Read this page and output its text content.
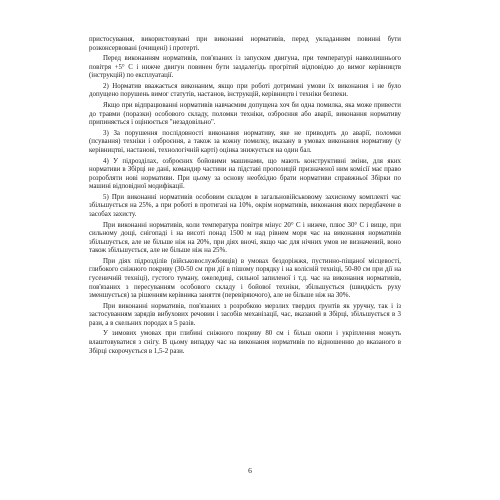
пристосування, використовувані при виконанні нормативів, перед укладанням повинні бути розконсервовані (очищені) і протерті.

Перед виконанням нормативів, пов'язаних із запуском двигуна, при температурі навколишнього повітря +5° С і нижче двигун повинен бути заздалегідь прогрітий відповідно до вимог керівництв (інструкцій) по експлуатації.

2) Норматив вважається виконаним, якщо при роботі дотримані умови їх виконання і не було допущено порушень вимог статутів, настанов, інструкцій, керівництв і техніки безпеки.

Якщо при відпрацюванні нормативів навчаємим допущена хоч би одна помилка, яка може привести до травми (поразки) особового складу, поломки техніки, озброєння або аварії, виконання нормативу припиняється і оцінюється "незадовільно".

3) За порушення послідовності виконання нормативу, яке не приводить до аварії, поломки (псування) техніки і озброєння, а також за кожну помилку, вказану в умовах виконання нормативу (у керівництві, настанові, технологічній карті) оцінка знижується на один бал.

4) У підрозділах, озброєних бойовими машинами, що мають конструктивні зміни, для яких нормативи в Збірці не дані, командир частини на підставі пропозицій призначеної ним комісії має право розробляти нові нормативи. При цьому за основу необхідно брати нормативи справжньої Збірки по машині відповідної модифікації.

5) При виконанні нормативів особовим складом в загальновійськовому захисному комплекті час збільшується на 25%, а при роботі в протигазі на 10%, окрім нормативів, виконання яких передбачене в засобах захисту.

При виконанні нормативів, коли температура повітря мінус 20° С і нижче, плюс 30° С і вище, при сильному дощі, снігопаді і на висоті понад 1500 м над рівнем моря час на виконання нормативів збільшується, але не більше ніж на 20%, при діях вночі, якщо час для нічних умов не визначений, воно також збільшується, але не більше ніж на 25%.

При діях підрозділів (військовослужбовців) в умовах бездоріжжя, пустинно-піщаної місцевості, глибокого сніжного покриву (30-50 см при дії в пішому порядку і на колісній техніці, 50-80 см при дії на гусеничній техніці), густого туману, ожеледиці, сильної запиленої і т.д. час на виконання нормативів, пов'язаних з пересуванням особового складу і бойової техніки, збільшується (швидкість руху зменшується) за рішенням керівника заняття (перевіряючого), але не більше ніж на 30%.

При виконанні нормативів, пов'язаних з розробкою мерзлих твердих ґрунтів як уручну, так і із застосуванням зарядів вибухових речовин і засобів механізації, час, вказаний в Збірці, збільшується в 3 рази, а в скельних породах в 5 разів.

У зимових умовах при глибині сніжного покриву 80 см і більш окопи і укріплення можуть влаштовуватися з снігу. В цьому випадку час на виконання нормативів по відношенню до вказаного в Збірці скорочується в 1,5-2 рази.

6
